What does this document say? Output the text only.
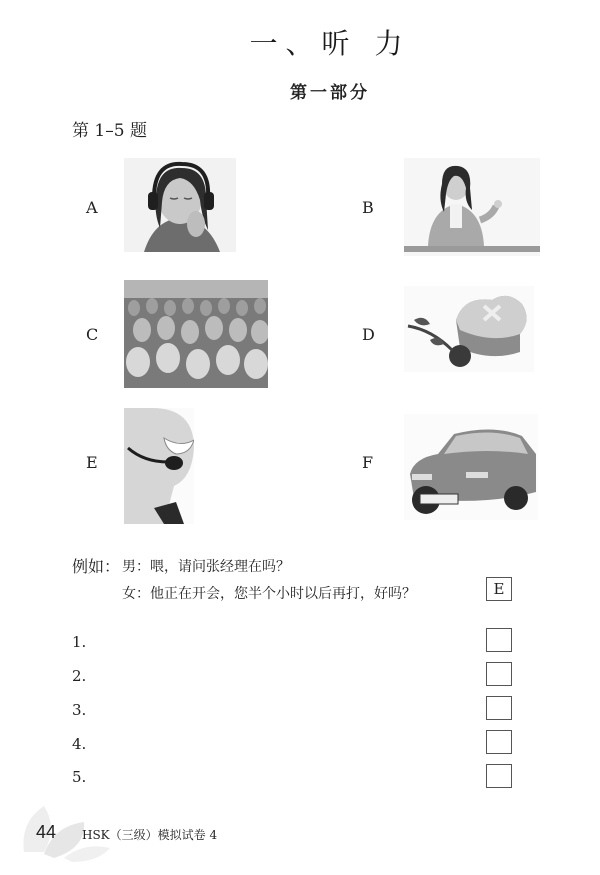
一、听 力
第一部分
第 1–5 题
A	B
C	D
E	F
例如： 男：喂，请问张经理在吗？
女：他正在开会，您半个小时以后再打，好吗？	E
1.
2.
3.
4.
5.
44 HSK（三级）模拟试卷 4
